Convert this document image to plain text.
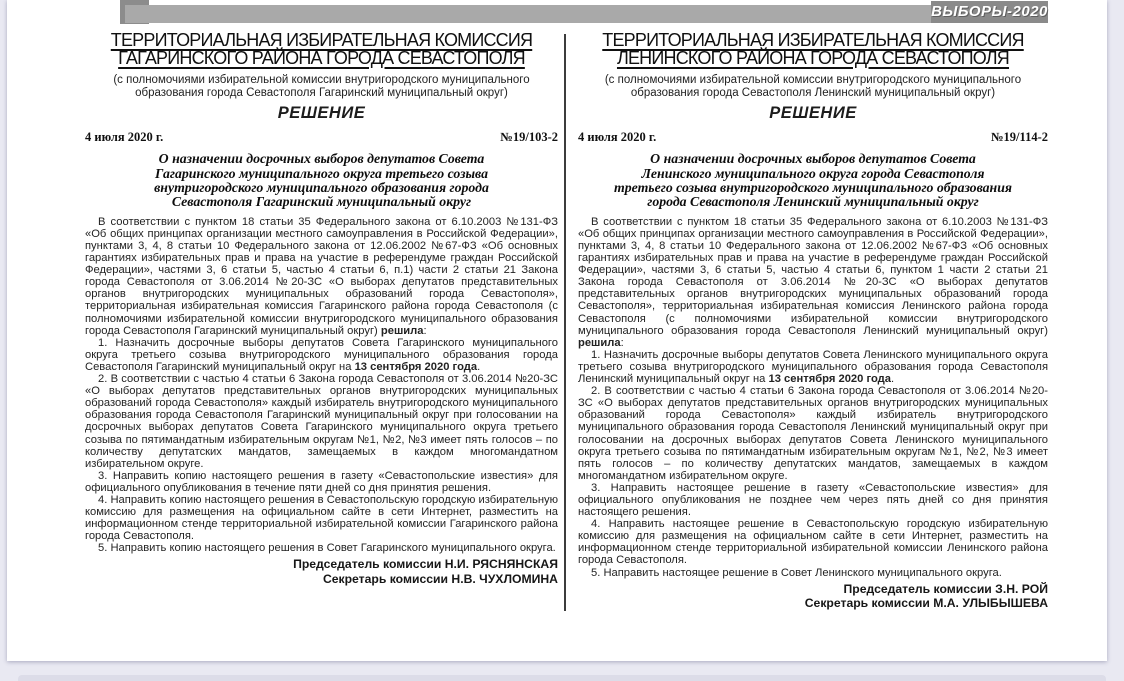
ВЫБОРЫ-2020
ТЕРРИТОРИАЛЬНАЯ ИЗБИРАТЕЛЬНАЯ КОМИССИЯ
ГАГАРИНСКОГО РАЙОНА ГОРОДА СЕВАСТОПОЛЯ
(с полномочиями избирательной комиссии внутригородского муниципального образования города Севастополя Гагаринский муниципальный округ)
РЕШЕНИЕ
4 июля 2020 г.	№19/103-2
О назначении досрочных выборов депутатов Совета
Гагаринского муниципального округа третьего созыва
внутригородского муниципального образования города
Севастополя Гагаринский муниципальный округ

В соответствии с пунктом 18 статьи 35 Федерального закона от 6.10.2003 №131-ФЗ «Об общих принципах организации местного самоуправления в Российской Федерации», пунктами 3, 4, 8 статьи 10 Федерального закона от 12.06.2002 №67-ФЗ «Об основных гарантиях избирательных прав и права на участие в референдуме граждан Российской Федерации», частями 3, 6 статьи 5, частью 4 статьи 6, п.1) части 2 статьи 21 Закона города Севастополя от 3.06.2014 №20-ЗС «О выборах депутатов представительных органов внутригородских муниципальных образований города Севастополя», территориальная избирательная комиссия Гагаринского района города Севастополя (с полномочиями избирательной комиссии внутригородского муниципального образования города Севастополя Гагаринский муниципальный округ) решила:

1. Назначить досрочные выборы депутатов Совета Гагаринского муниципального округа третьего созыва внутригородского муниципального образования города Севастополя Гагаринский муниципальный округ на 13 сентября 2020 года.

2. В соответствии с частью 4 статьи 6 Закона города Севастополя от 3.06.2014 №20-ЗС «О выборах депутатов представительных органов внутригородских муниципальных образований города Севастополя» каждый избиратель внутригородского муниципального образования города Севастополя Гагаринский муниципальный округ при голосовании на досрочных выборах депутатов Совета Гагаринского муниципального округа третьего созыва по пятимандатным избирательным округам №1, №2, №3 имеет пять голосов – по количеству депутатских мандатов, замещаемых в каждом многомандатном избирательном округе.

3. Направить копию настоящего решения в газету «Севастопольские известия» для официального опубликования в течение пяти дней со дня принятия решения.

4. Направить копию настоящего решения в Севастопольскую городскую избирательную комиссию для размещения на официальном сайте в сети Интернет, разместить на информационном стенде территориальной избирательной комиссии Гагаринского района города Севастополя.

5. Направить копию настоящего решения в Совет Гагаринского муниципального округа.

Председатель комиссии Н.И. РЯСНЯНСКАЯ
Секретарь комиссии Н.В. ЧУХЛОМИНА
ТЕРРИТОРИАЛЬНАЯ ИЗБИРАТЕЛЬНАЯ КОМИССИЯ
ЛЕНИНСКОГО РАЙОНА ГОРОДА СЕВАСТОПОЛЯ
(с полномочиями избирательной комиссии внутригородского муниципального образования города Севастополя Ленинский муниципальный округ)
РЕШЕНИЕ
4 июля 2020 г.	№19/114-2
О назначении досрочных выборов депутатов Совета
Ленинского муниципального округа города Севастополя
третьего созыва внутригородского муниципального образования
города Севастополя Ленинский муниципальный округ

В соответствии с пунктом 18 статьи 35 Федерального закона от 6.10.2003 №131-ФЗ «Об общих принципах организации местного самоуправления в Российской Федерации», пунктами 3, 4, 8 статьи 10 Федерального закона от 12.06.2002 №67-ФЗ «Об основных гарантиях избирательных прав и права на участие в референдуме граждан Российской Федерации», частями 3, 6 статьи 5, частью 4 статьи 6, пунктом 1 части 2 статьи 21 Закона города Севастополя от 3.06.2014 №20-ЗС «О выборах депутатов представительных органов внутригородских муниципальных образований города Севастополя», территориальная избирательная комиссия Ленинского района города Севастополя (с полномочиями избирательной комиссии внутригородского муниципального образования города Севастополя Ленинский муниципальный округ) решила:

1. Назначить досрочные выборы депутатов Совета Ленинского муниципального округа третьего созыва внутригородского муниципального образования города Севастополя Ленинский муниципальный округ на 13 сентября 2020 года.

2. В соответствии с частью 4 статьи 6 Закона города Севастополя от 3.06.2014 №20-ЗС «О выборах депутатов представительных органов внутригородских муниципальных образований города Севастополя» каждый избиратель внутригородского муниципального образования города Севастополя Ленинский муниципальный округ при голосовании на досрочных выборах депутатов Совета Ленинского муниципального округа третьего созыва по пятимандатным избирательным округам №1, №2, №3 имеет пять голосов – по количеству депутатских мандатов, замещаемых в каждом многомандатном избирательном округе.

3. Направить настоящее решение в газету «Севастопольские известия» для официального опубликования не позднее чем через пять дней со дня принятия настоящего решения.

4. Направить настоящее решение в Севастопольскую городскую избирательную комиссию для размещения на официальном сайте в сети Интернет, разместить на информационном стенде территориальной избирательной комиссии Ленинского района города Севастополя.

5. Направить настоящее решение в Совет Ленинского муниципального округа.

Председатель комиссии З.Н. РОЙ
Секретарь комиссии М.А. УЛЫБЫШЕВА
